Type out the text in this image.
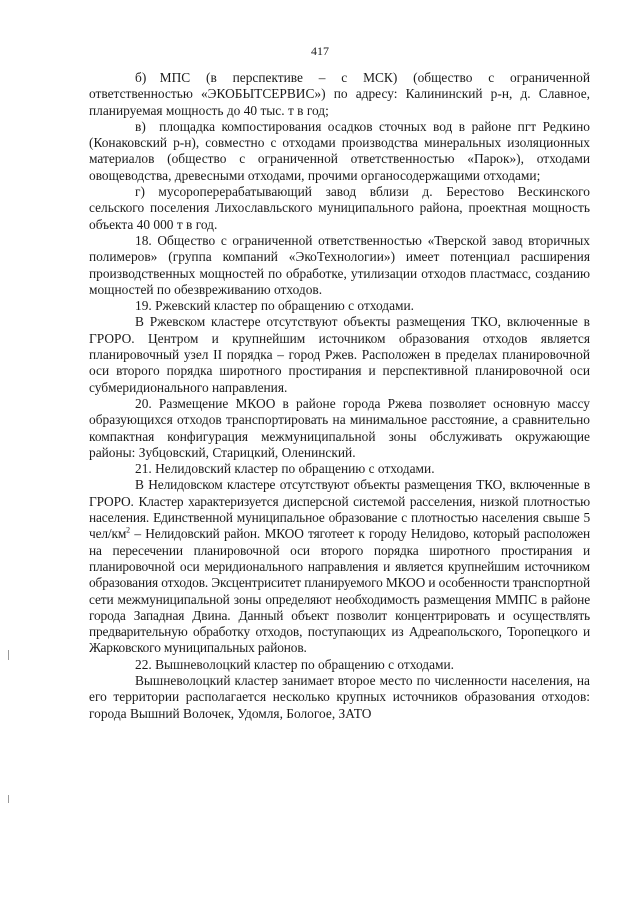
417

б) МПС (в перспективе – с МСК) (общество с ограниченной ответственностью «ЭКОБЫТСЕРВИС») по адресу: Калининский р-н, д. Славное, планируемая мощность до 40 тыс. т в год;

в) площадка компостирования осадков сточных вод в районе пгт Редкино (Конаковский р-н), совместно с отходами производства минеральных изоляционных материалов (общество с ограниченной ответственностью «Парок»), отходами овощеводства, древесными отходами, прочими органосодержащими отходами;

г) мусороперерабатывающий завод вблизи д. Берестово Вескинского сельского поселения Лихославльского муниципального района, проектная мощность объекта 40 000 т в год.

18. Общество с ограниченной ответственностью «Тверской завод вторичных полимеров» (группа компаний «ЭкоТехнологии») имеет потенциал расширения производственных мощностей по обработке, утилизации отходов пластмасс, созданию мощностей по обезвреживанию отходов.

19. Ржевский кластер по обращению с отходами.

В Ржевском кластере отсутствуют объекты размещения ТКО, включенные в ГРОРО. Центром и крупнейшим источником образования отходов является планировочный узел II порядка – город Ржев. Расположен в пределах планировочной оси второго порядка широтного простирания и перспективной планировочной оси субмеридионального направления.

20. Размещение МКОО в районе города Ржева позволяет основную массу образующихся отходов транспортировать на минимальное расстояние, а сравнительно компактная конфигурация межмуниципальной зоны обслуживать окружающие районы: Зубцовский, Старицкий, Оленинский.

21. Нелидовский кластер по обращению с отходами.

В Нелидовском кластере отсутствуют объекты размещения ТКО, включенные в ГРОРО. Кластер характеризуется дисперсной системой расселения, низкой плотностью населения. Единственной муниципальное образование с плотностью населения свыше 5 чел/$км^2$ – Нелидовский район. МКОО тяготеет к городу Нелидово, который расположен на пересечении планировочной оси второго порядка широтного простирания и планировочной оси меридионального направления и является крупнейшим источником образования отходов. Эксцентриситет планируемого МКОО и особенности транспортной сети межмуниципальной зоны определяют необходимость размещения ММПС в районе города Западная Двина. Данный объект позволит концентрировать и осуществлять предварительную обработку отходов, поступающих из Адреапольского, Торопецкого и Жарковского муниципальных районов.

22. Вышневолоцкий кластер по обращению с отходами.

Вышневолоцкий кластер занимает второе место по численности населения, на его территории располагается несколько крупных источников образования отходов: города Вышний Волочек, Удомля, Бологое, ЗАТО
